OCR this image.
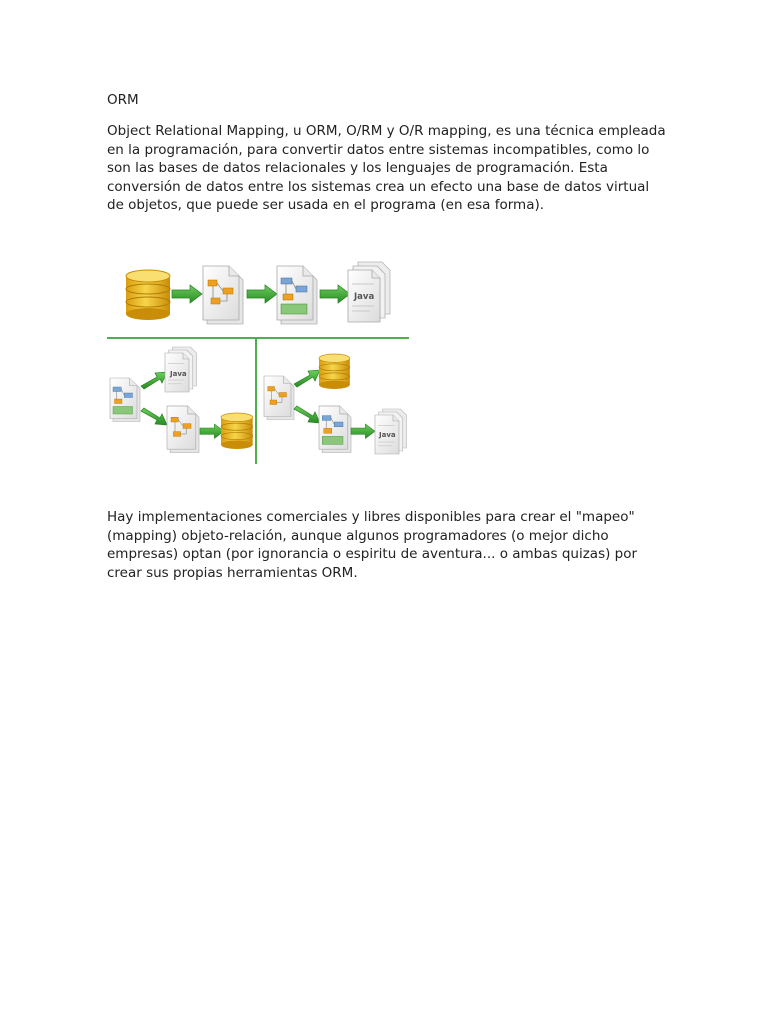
ORM

Object Relational Mapping, u ORM, O/RM y O/R mapping, es una técnica empleada en la programación, para convertir datos entre sistemas incompatibles, como lo son las bases de datos relacionales y los lenguajes de programación. Esta conversión de datos entre los sistemas crea un efecto una base de datos virtual de objetos, que puede ser usada en el programa (en esa forma).

Java
Java
Java

Hay implementaciones comerciales y libres disponibles para crear el "mapeo" (mapping) objeto-relación, aunque algunos programadores (o mejor dicho empresas) optan (por ignorancia o espiritu de aventura... o ambas quizas) por crear sus propias herramientas ORM.
